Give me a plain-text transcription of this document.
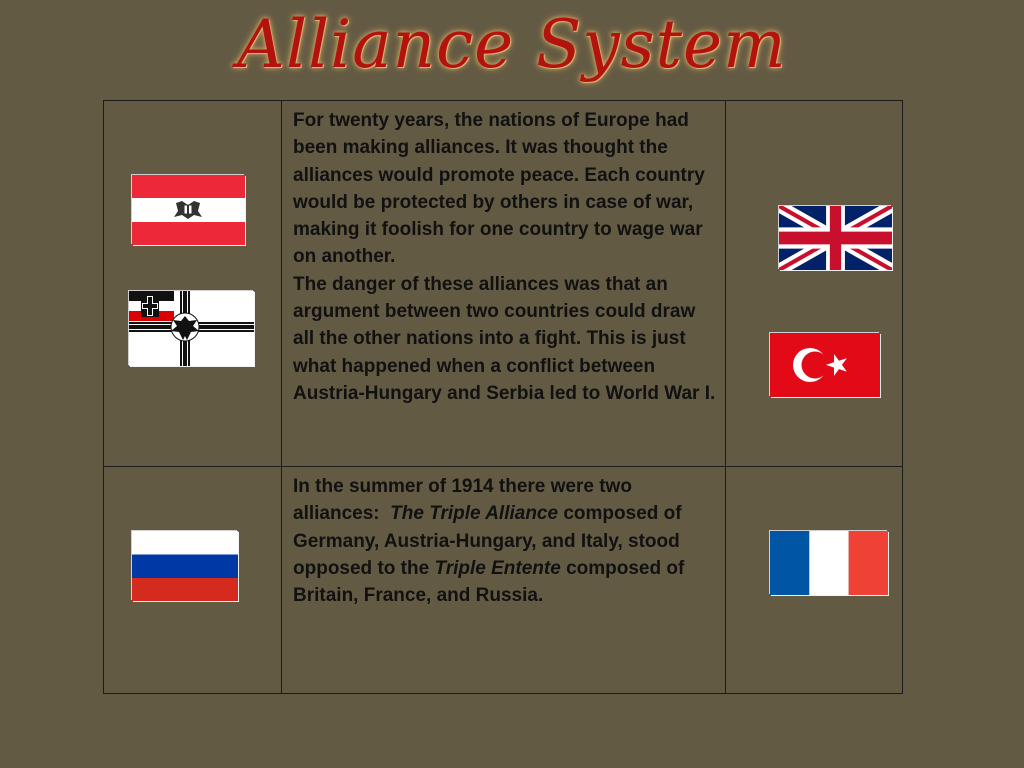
Alliance System

For twenty years, the nations of Europe had been making alliances. It was thought the alliances would promote peace. Each country would be protected by others in case of war, making it foolish for one country to wage war on another.

The danger of these alliances was that an argument between two countries could draw all the other nations into a fight. This is just what happened when a conflict between Austria-Hungary and Serbia led to World War I.

In the summer of 1914 there were two alliances: The Triple Alliance composed of Germany, Austria-Hungary, and Italy, stood opposed to the Triple Entente composed of Britain, France, and Russia.
